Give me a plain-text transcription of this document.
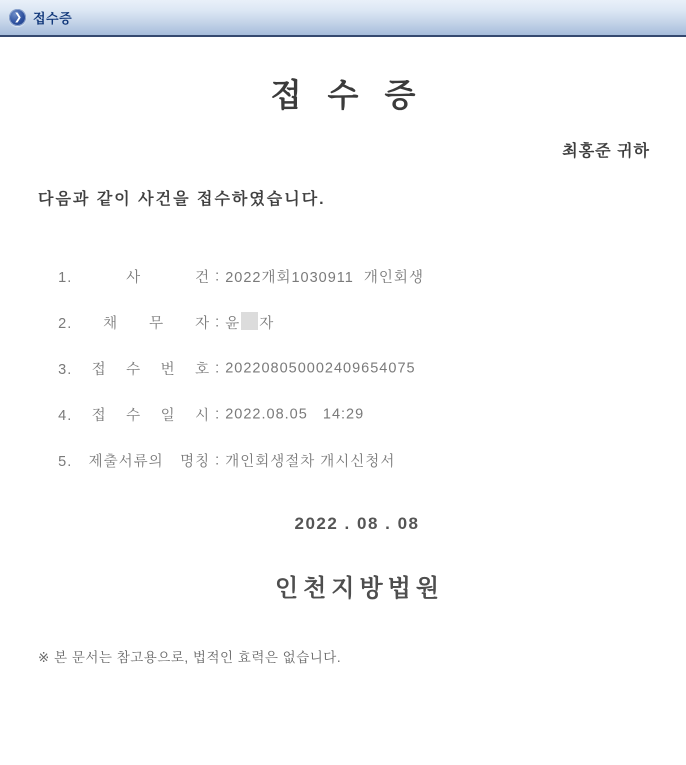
❯ 접수증
접 수 증
최홍준 귀하
다음과 같이 사건을 접수하였습니다.

1. 사 건 : 2022개회1030911  개인회생

2. 채 무 자 : 윤 자

3. 접 수 번 호 : 202208050002409654075

4. 접 수 일 시 : 2022.08.05   14:29

5. 제출서류의 명칭 : 개인회생절차 개시신청서

2022 . 08 . 08
인천지방법원
※ 본 문서는 참고용으로, 법적인 효력은 없습니다.
